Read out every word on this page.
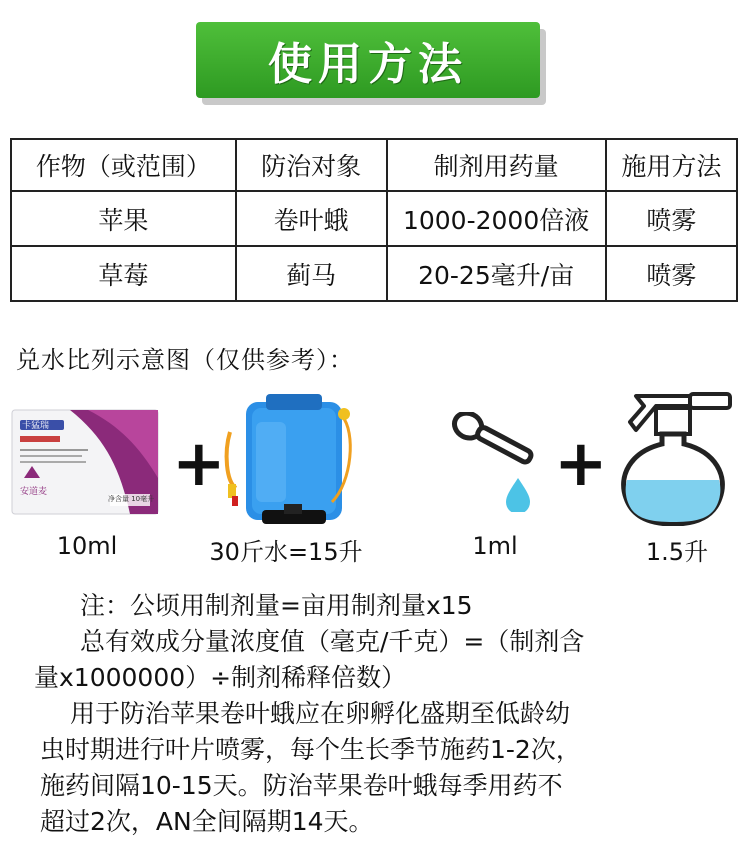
使用方法
作物（或范围）	防治对象	制剂用药量	施用方法
苹果	卷叶蛾	1000-2000倍液	喷雾
草莓	蓟马	20-25毫升/亩	喷雾
兑水比列示意图（仅供参考）：
卡猛瑞
安道麦
净含量 10毫升
10ml
+
30斤水=15升	1ml
+
1.5升

注：公顷用制剂量=亩用制剂量x15

总有效成分量浓度值（毫克/千克）=（制剂含

量x1000000）÷制剂稀释倍数）

用于防治苹果卷叶蛾应在卵孵化盛期至低龄幼

虫时期进行叶片喷雾，每个生长季节施药1-2次，

施药间隔10-15天。防治苹果卷叶蛾每季用药不

超过2次，AN全间隔期14天。
